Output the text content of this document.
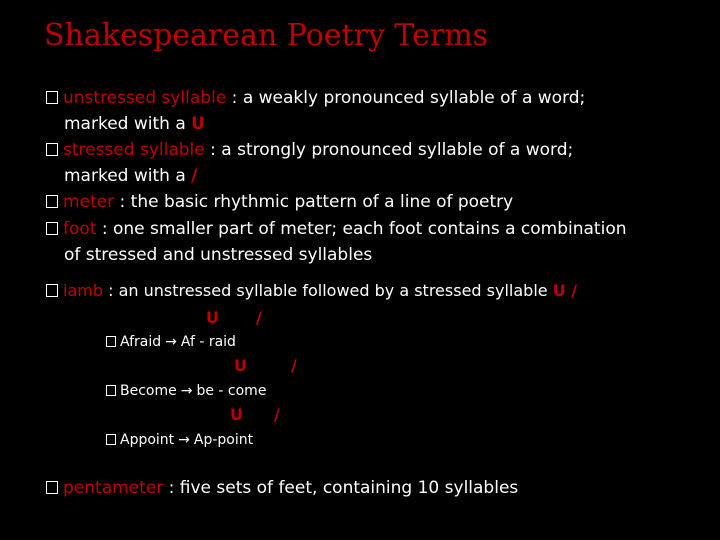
Shakespearean Poetry Terms
unstressed syllable : a weakly pronounced syllable of a word;
marked with a U
stressed syllable : a strongly pronounced syllable of a word;
marked with a /
meter : the basic rhythmic pattern of a line of poetry
foot : one smaller part of meter; each foot contains a combination
of stressed and unstressed syllables
iamb : an unstressed syllable followed by a stressed syllable U /
U /
Afraid → Af - raid
U	/
Become → be - come
U /
Appoint → Ap-point
pentameter : five sets of feet, containing 10 syllables
